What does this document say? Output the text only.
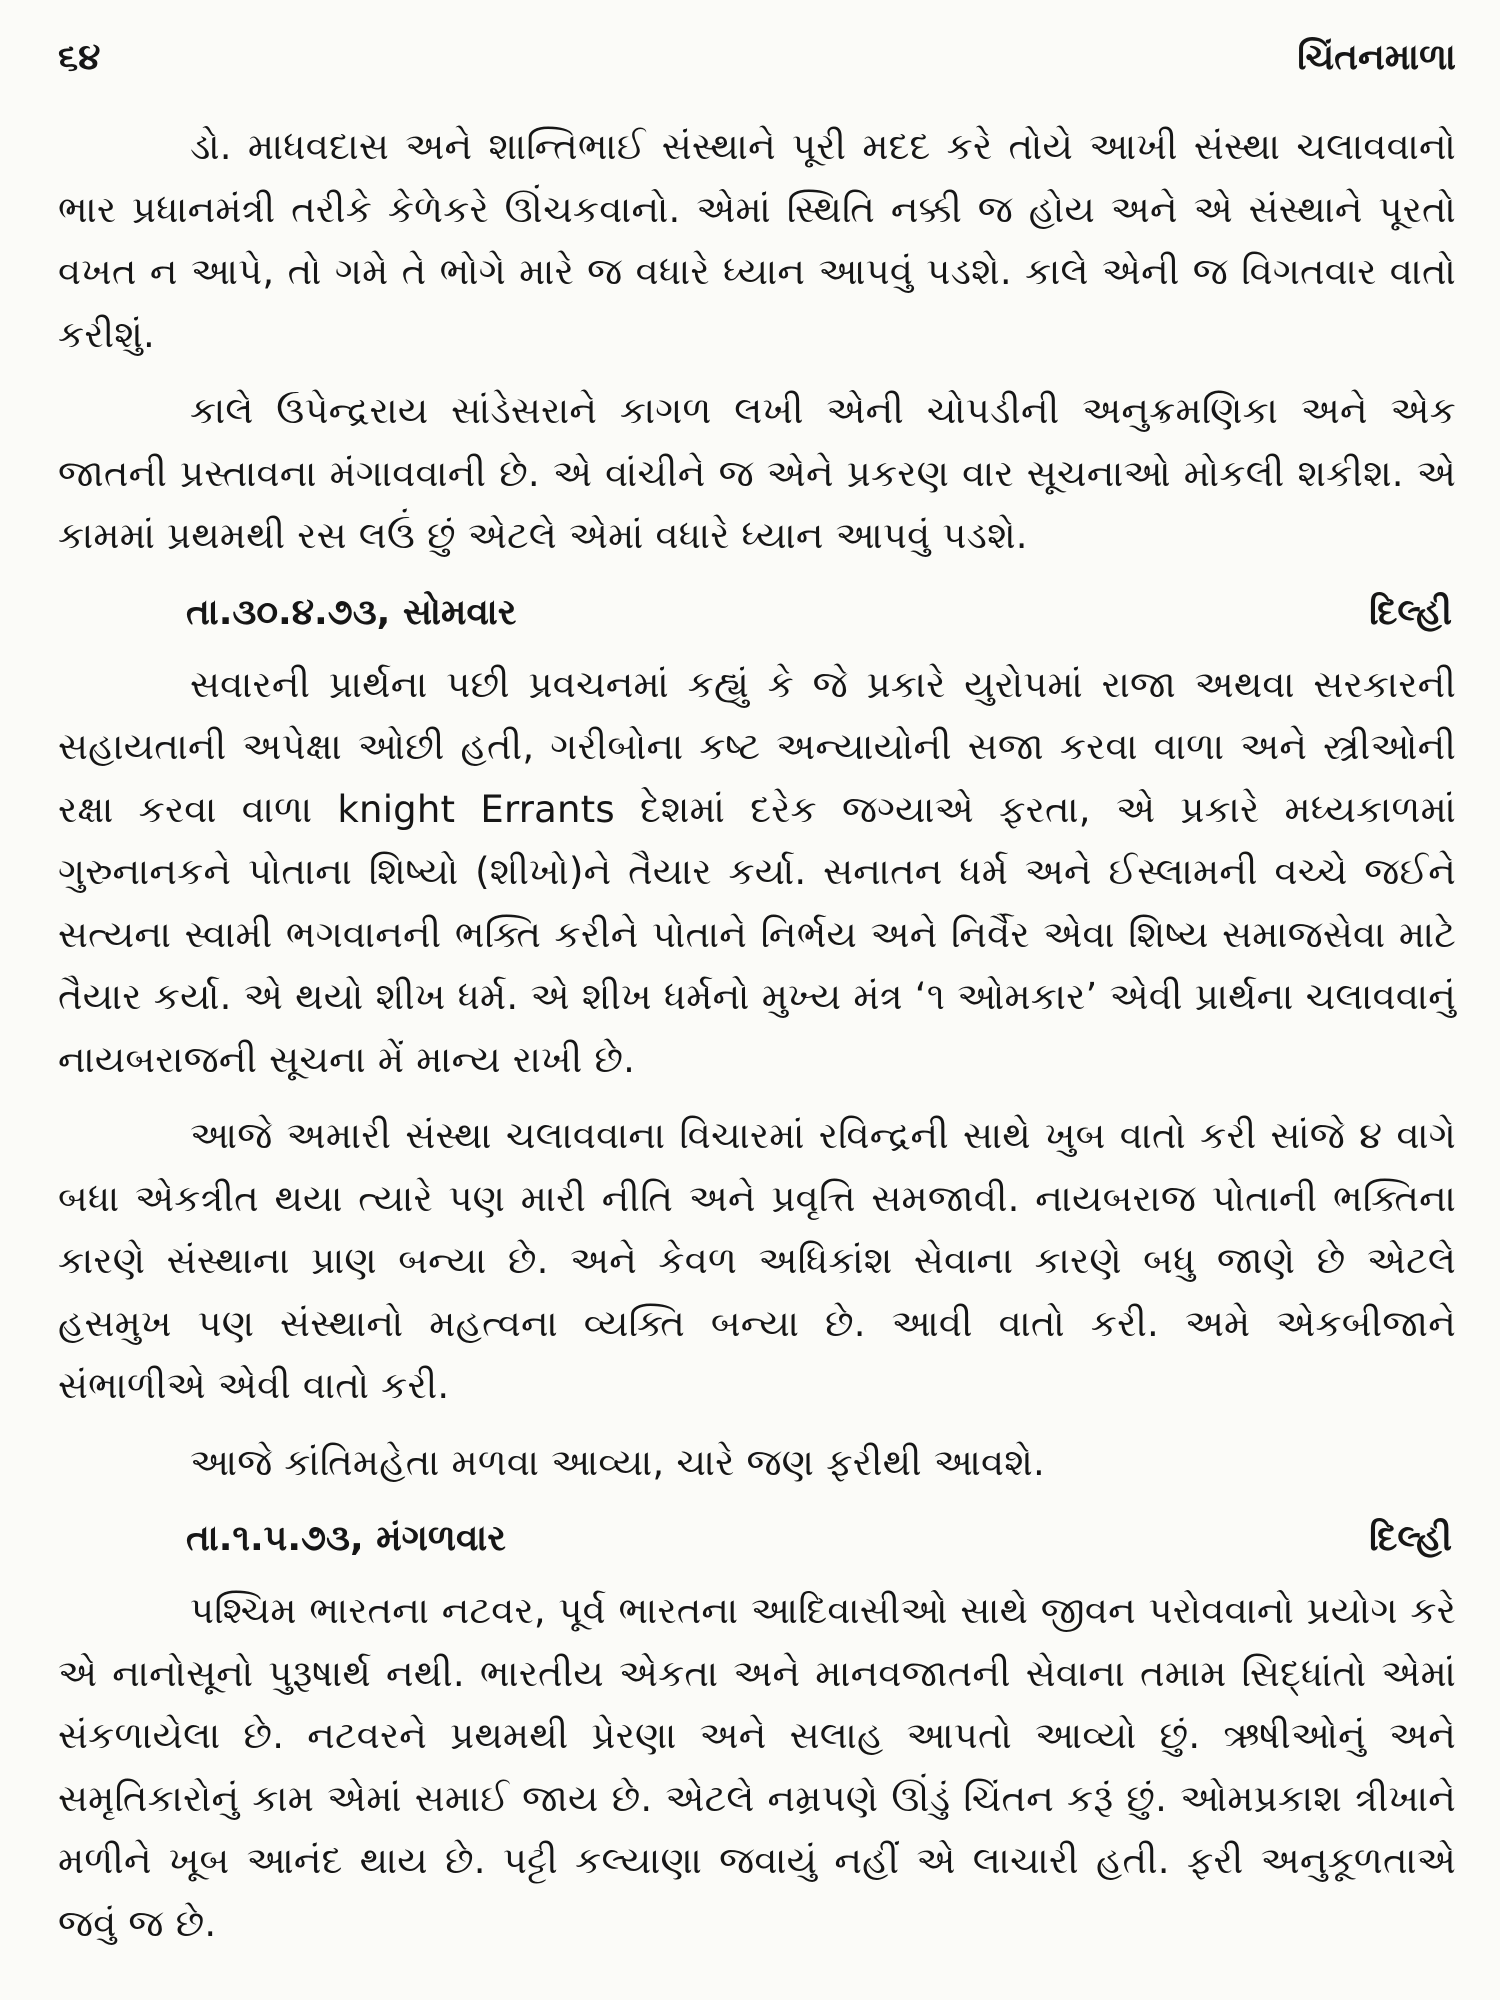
૬૪	ચિંતનમાળા

ડો. માધવદાસ અને શાન્તિભાઈ સંસ્થાને પૂરી મદદ કરે તોયે આખી સંસ્થા ચલાવવાનો ભાર પ્રધાનમંત્રી તરીકે કેળેકરે ઊંચકવાનો. એમાં સ્થિતિ નક્કી જ હોય અને એ સંસ્થાને પૂરતો વખત ન આપે, તો ગમે તે ભોગે મારે જ વધારે ધ્યાન આપવું પડશે. કાલે એની જ વિગતવાર વાતો કરીશું.

કાલે ઉપેન્દ્રરાય સાંડેસરાને કાગળ લખી એની ચોપડીની અનુક્રમણિકા અને એક જાતની પ્રસ્તાવના મંગાવવાની છે. એ વાંચીને જ એને પ્રકરણ વાર સૂચનાઓ મોકલી શકીશ. એ કામમાં પ્રથમથી રસ લઉં છું એટલે એમાં વધારે ધ્યાન આપવું પડશે.

તા.૩૦.૪.૭૩, સોમવાર	દિલ્હી

સવારની પ્રાર્થના પછી પ્રવચનમાં કહ્યું કે જે પ્રકારે યુરોપમાં રાજા અથવા સરકારની સહાયતાની અપેક્ષા ઓછી હતી, ગરીબોના કષ્ટ અન્યાયોની સજા કરવા વાળા અને સ્ત્રીઓની રક્ષા કરવા વાળા knight Errants દેશમાં દરેક જગ્યાએ ફરતા, એ પ્રકારે મધ્યકાળમાં ગુરુનાનકને પોતાના શિષ્યો (શીખો)ને તૈયાર કર્યા. સનાતન ધર્મ અને ઈસ્લામની વચ્ચે જઈને સત્યના સ્વામી ભગવાનની ભક્તિ કરીને પોતાને નિર્ભય અને નિર્વૈર એવા શિષ્ય સમાજસેવા માટે તૈયાર કર્યા. એ થયો શીખ ધર્મ. એ શીખ ધર્મનો મુખ્ય મંત્ર ‘૧ ઓમકાર’ એવી પ્રાર્થના ચલાવવાનું નાયબરાજની સૂચના મેં માન્ય રાખી છે.

આજે અમારી સંસ્થા ચલાવવાના વિચારમાં રવિન્દ્રની સાથે ખુબ વાતો કરી સાંજે ૪ વાગે બધા એકત્રીત થયા ત્યારે પણ મારી નીતિ અને પ્રવૃત્તિ સમજાવી. નાયબરાજ પોતાની ભક્તિના કારણે સંસ્થાના પ્રાણ બન્યા છે. અને કેવળ અધિકાંશ સેવાના કારણે બધુ જાણે છે એટલે હસમુખ પણ સંસ્થાનો મહત્વના વ્યક્તિ બન્યા છે. આવી વાતો કરી. અમે એકબીજાને સંભાળીએ એવી વાતો કરી.

આજે કાંતિમહેતા મળવા આવ્યા, ચારે જણ ફરીથી આવશે.

તા.૧.૫.૭૩, મંગળવાર	દિલ્હી

પશ્ચિમ ભારતના નટવર, પૂર્વ ભારતના આદિવાસીઓ સાથે જીવન પરોવવાનો પ્રયોગ કરે એ નાનોસૂનો પુરૂષાર્થ નથી. ભારતીય એકતા અને માનવજાતની સેવાના તમામ સિદ્ધાંતો એમાં સંકળાયેલા છે. નટવરને પ્રથમથી પ્રેરણા અને સલાહ આપતો આવ્યો છું. ઋષીઓનું અને સમૃતિકારોનું કામ એમાં સમાઈ જાય છે. એટલે નમ્રપણે ઊંડું ચિંતન કરૂં છું. ઓમપ્રકાશ ત્રીખાને મળીને ખૂબ આનંદ થાય છે. પટ્ટી કલ્યાણા જવાયું નહીં એ લાચારી હતી. ફરી અનુકૂળતાએ જવું જ છે.
